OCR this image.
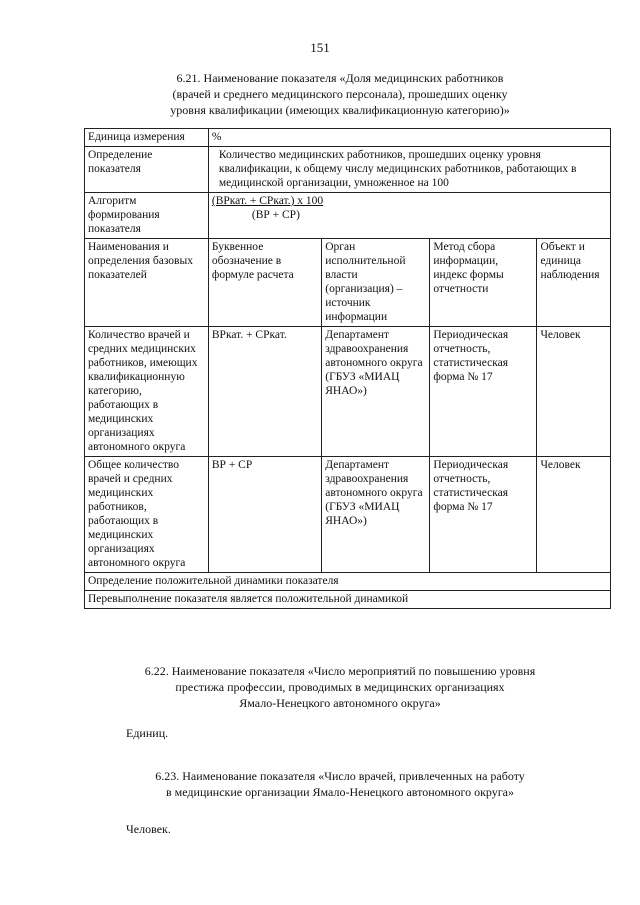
151
6.21. Наименование показателя «Доля медицинских работников
(врачей и среднего медицинского персонала), прошедших оценку
уровня квалификации (имеющих квалификационную категорию)»
Единица измерения	%			
Определение показателя	Количество медицинских работников, прошедших оценку уровня квалификации, к общему числу медицинских работников, работающих в медицинской организации, умноженное на 100			
Алгоритм формирования показателя	(ВРкат. + СРкат.) х 100
(ВР + СР)			

Наименования и определения базовых показателей	Буквенное обозначение в формуле расчета	Орган исполнительной власти (организация) – источник информации	Метод сбора информации, индекс формы отчетности	Объект и единица наблюдения
Количество врачей и средних медицинских работников, имеющих квалификационную категорию, работающих в медицинских организациях автономного округа	ВРкат. + СРкат.	Департамент здравоохранения автономного округа (ГБУЗ «МИАЦ ЯНАО»)	Периодическая отчетность, статистическая форма № 17	Человек
Общее количество врачей и средних медицинских работников, работающих в медицинских организациях автономного округа	ВР + СР	Департамент здравоохранения автономного округа (ГБУЗ «МИАЦ ЯНАО»)	Периодическая отчетность, статистическая форма № 17	Человек
Определение положительной динамики показателя				
Перевыполнение показателя является положительной динамикой				
6.22. Наименование показателя «Число мероприятий по повышению уровня
престижа профессии, проводимых в медицинских организациях
Ямало-Ненецкого автономного округа»
Единиц.
6.23. Наименование показателя «Число врачей, привлеченных на работу
в медицинские организации Ямало-Ненецкого автономного округа»
Человек.
